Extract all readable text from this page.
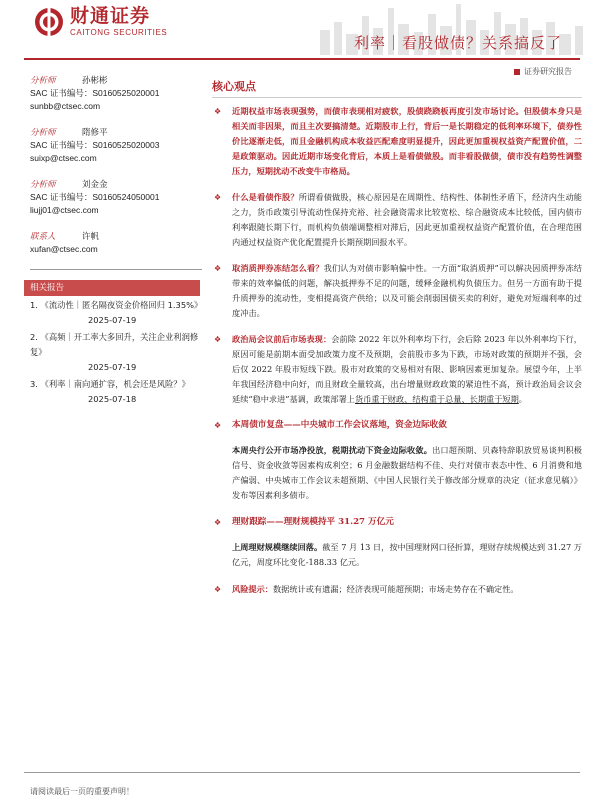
财通证券
CAITONG SECURITIES
利率｜看股做债？关系搞反了
证券研究报告
分析师	孙彬彬
SAC 证书编号：S0160525020001
sunbb@ctsec.com
分析师	隋修平
SAC 证书编号：S0160525020003
suixp@ctsec.com
分析师	刘金金
SAC 证书编号：S0160524050001
liujj01@ctsec.com
联系人	许帆
xufan@ctsec.com
相关报告
1. 《流动性｜匿名隔夜资金价格回归 1.35%》
2025-07-19
2. 《高频｜开工率大多回升，关注企业利润修复》
2025-07-19
3. 《利率｜南向通扩容，机会还是风险？》
2025-07-18
核心观点
❖ 近期权益市场表现强势，而债市表现相对疲软，股债跷跷板再度引发市场讨论。但股债本身只是相关而非因果，而且主次要搞清楚。近期股市上行，背后一是长期稳定的低利率环境下，债券性价比逐渐走低，而且金融机构成本收益匹配难度明显提升，因此更加重视权益资产配置价值，二是政策驱动。因此近期市场变化背后，本质上是看债做股。而非看股做债，债市没有趋势性调整压力，短期扰动不改变牛市格局。
❖ 什么是看债作股？所谓看债做股，核心原因是在周期性、结构性、体制性矛盾下，经济内生动能之力，货币政策引导流动性保持充裕、社会融资需求比较宽松、综合融资成本比较低，国内债市利率跟随长期下行，而机构负债端调整相对滞后，因此更加重视权益资产配置价值，在合理范围内通过权益资产优化配置提升长期预期回报水平。
❖ 取消质押券冻结怎么看？我们认为对债市影响偏中性。一方面“取消质押”可以解决因质押券冻结带来的效率偏低的问题，解决抵押券不足的问题，缓释金融机构负债压力。但另一方面有助于提升质押券的流动性，变相提高资产供给；以及可能会削弱国债买卖的利好，避免对短端利率的过度冲击。
❖ 政治局会议前后市场表现：会前除 2022 年以外利率均下行，会后除 2023 年以外利率均下行，原因可能是前期本面受加政策力度不及预期，会前股市多为下跌，市场对政策的预期并不强，会后仅 2022 年股市短线下跌。股市对政策的交易相对有限、影响因素更加复杂。展望今年，上半年我国经济稳中向好，而且财政全量较高，出台增量财政政策的紧迫性不高，预计政治局会议会延续“稳中求进”基调，政策部署上货币重于财政、结构重于总量、长期重于短期。
❖ 本周债市复盘——中央城市工作会议落地，资金边际收敛
本周央行公开市场净投放，税期扰动下资金边际收敛。出口超预期、贝森特辞职放贸易谈判积极信号、资金收敛等因素构成利空；6 月金融数据结构不佳、央行对债市表态中性、6 月消费和地产偏弱、中央城市工作会议未超预期、《中国人民银行关于修改部分规章的决定（征求意见稿）》发布等因素利多债市。
❖ 理财跟踪——理财规模持平 31.27 万亿元
上周理财规模继续回落。截至 7 月 13 日，按中国理财网口径折算，理财存续规模达到 31.27 万亿元，周度环比变化-188.33 亿元。
❖ 风险提示：数据统计或有遗漏；经济表现可能超预期；市场走势存在不确定性。
请阅读最后一页的重要声明！
